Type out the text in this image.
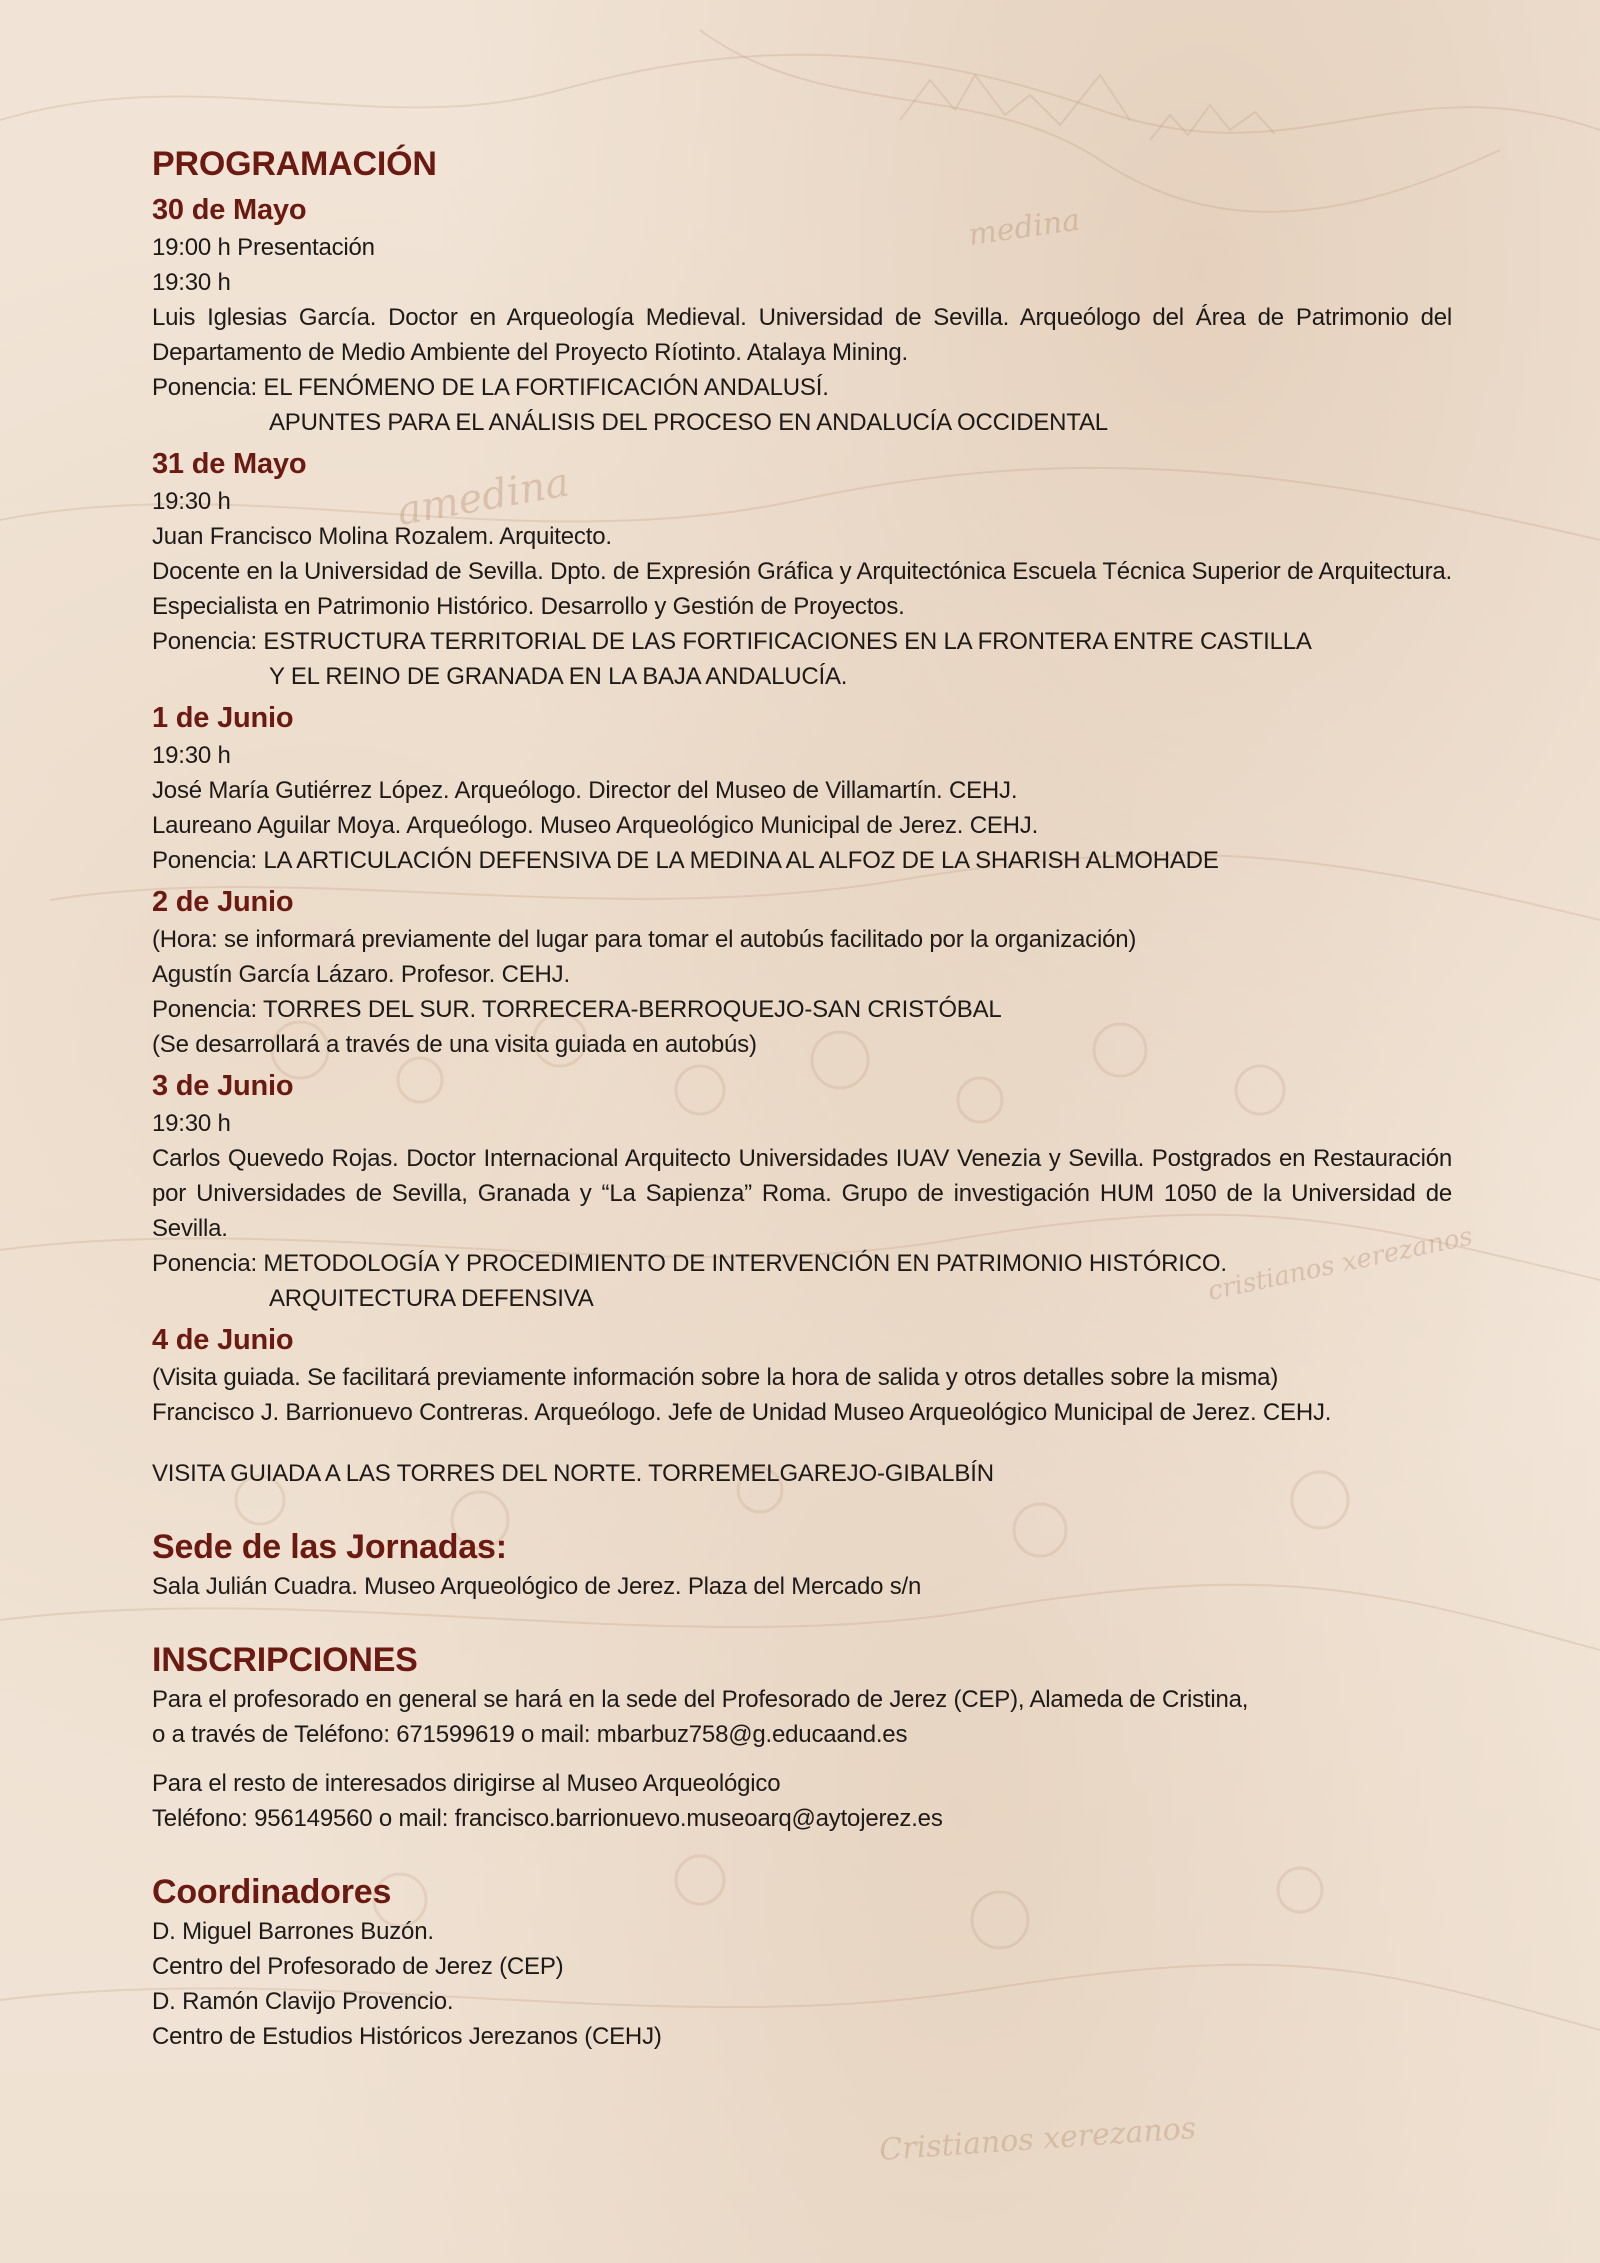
medina
amedina
cristianos xerezanos
Cristianos xerezanos
PROGRAMACIÓN
30 de Mayo
19:00 h Presentación
19:30 h
Luis Iglesias García. Doctor en Arqueología Medieval. Universidad de Sevilla. Arqueólogo del Área de Patrimonio del Departamento de Medio Ambiente del Proyecto Ríotinto. Atalaya Mining.
Ponencia: EL FENÓMENO DE LA FORTIFICACIÓN ANDALUSÍ.
APUNTES PARA EL ANÁLISIS DEL PROCESO EN ANDALUCÍA OCCIDENTAL
31 de Mayo
19:30 h
Juan Francisco Molina Rozalem. Arquitecto.
Docente en la Universidad de Sevilla. Dpto. de Expresión Gráfica y Arquitectónica Escuela Técnica Superior de Arquitectura. Especialista en Patrimonio Histórico. Desarrollo y Gestión de Proyectos.
Ponencia: ESTRUCTURA TERRITORIAL DE LAS FORTIFICACIONES EN LA FRONTERA ENTRE CASTILLA
Y EL REINO DE GRANADA EN LA BAJA ANDALUCÍA.
1 de Junio
19:30 h
José María Gutiérrez López. Arqueólogo. Director del Museo de Villamartín. CEHJ.
Laureano Aguilar Moya. Arqueólogo. Museo Arqueológico Municipal de Jerez. CEHJ.
Ponencia: LA ARTICULACIÓN DEFENSIVA DE LA MEDINA AL ALFOZ DE LA SHARISH ALMOHADE
2 de Junio
(Hora: se informará previamente del lugar para tomar el autobús facilitado por la organización)
Agustín García Lázaro. Profesor. CEHJ.
Ponencia: TORRES DEL SUR. TORRECERA-BERROQUEJO-SAN CRISTÓBAL
(Se desarrollará a través de una visita guiada en autobús)
3 de Junio
19:30 h
Carlos Quevedo Rojas. Doctor Internacional Arquitecto Universidades IUAV Venezia y Sevilla. Postgrados en Restauración por Universidades de Sevilla, Granada y “La Sapienza” Roma. Grupo de investigación HUM 1050 de la Universidad de Sevilla.
Ponencia: METODOLOGÍA Y PROCEDIMIENTO DE INTERVENCIÓN EN PATRIMONIO HISTÓRICO.
ARQUITECTURA DEFENSIVA
4 de Junio
(Visita guiada. Se facilitará previamente información sobre la hora de salida y otros detalles sobre la misma)
Francisco J. Barrionuevo Contreras. Arqueólogo. Jefe de Unidad Museo Arqueológico Municipal de Jerez. CEHJ.
VISITA GUIADA A LAS TORRES DEL NORTE. TORREMELGAREJO-GIBALBÍN
Sede de las Jornadas:
Sala Julián Cuadra. Museo Arqueológico de Jerez. Plaza del Mercado s/n
INSCRIPCIONES
Para el profesorado en general se hará en la sede del Profesorado de Jerez (CEP), Alameda de Cristina,
o a través de Teléfono: 671599619 o mail: mbarbuz758@g.educaand.es
Para el resto de interesados dirigirse al Museo Arqueológico
Teléfono: 956149560 o mail: francisco.barrionuevo.museoarq@aytojerez.es
Coordinadores
D. Miguel Barrones Buzón.
Centro del Profesorado de Jerez (CEP)
D. Ramón Clavijo Provencio.
Centro de Estudios Históricos Jerezanos (CEHJ)
